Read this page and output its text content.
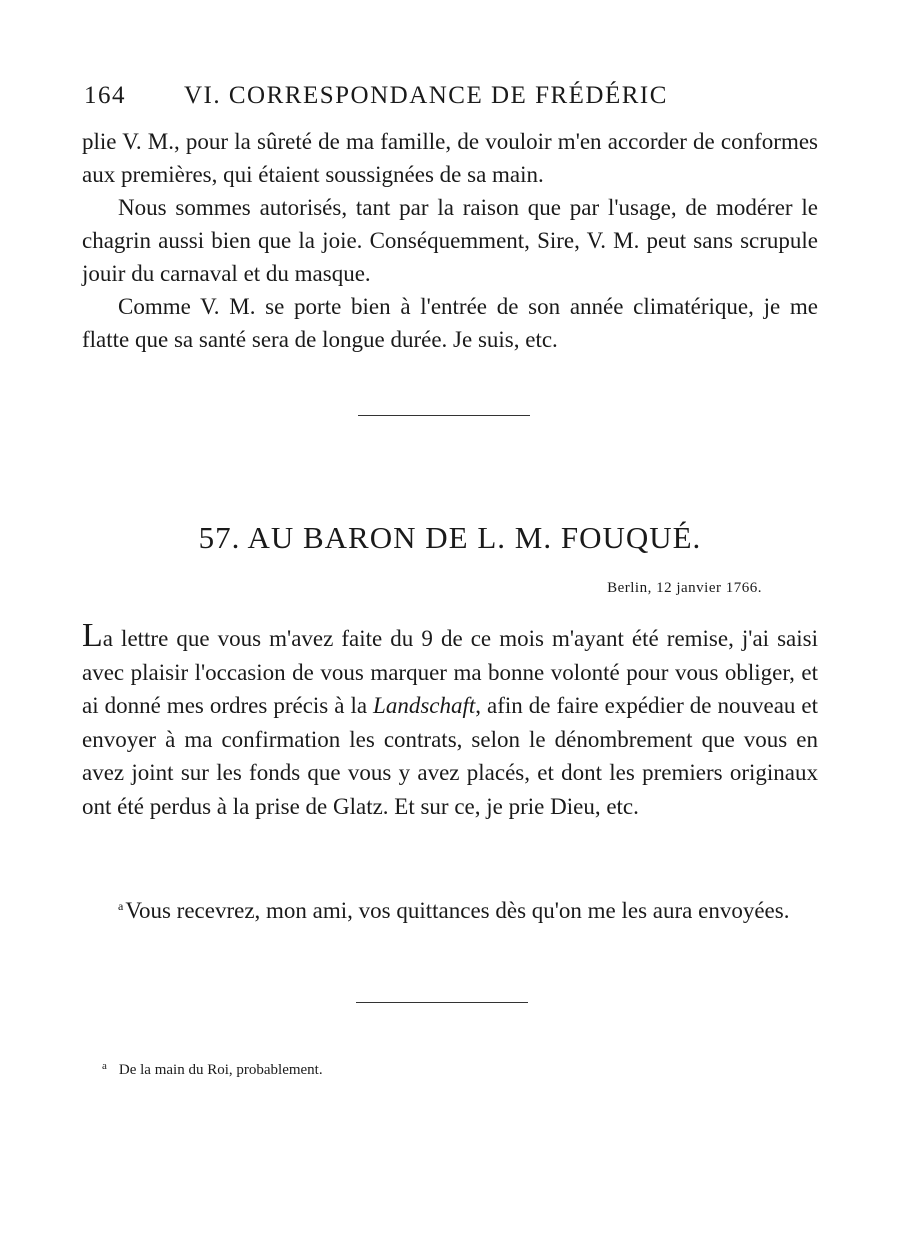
164 VI. CORRESPONDANCE DE FRÉDÉRIC

plie V. M., pour la sûreté de ma famille, de vouloir m'en accorder de conformes aux premières, qui étaient soussignées de sa main.

Nous sommes autorisés, tant par la raison que par l'usage, de modérer le chagrin aussi bien que la joie. Conséquemment, Sire, V. M. peut sans scrupule jouir du carnaval et du masque.

Comme V. M. se porte bien à l'entrée de son année climatérique, je me flatte que sa santé sera de longue durée. Je suis, etc.

57. AU BARON DE L. M. FOUQUÉ.
Berlin, 12 janvier 1766.

La lettre que vous m'avez faite du 9 de ce mois m'ayant été remise, j'ai saisi avec plaisir l'occasion de vous marquer ma bonne volonté pour vous obliger, et ai donné mes ordres précis à la Landschaft, afin de faire expédier de nouveau et envoyer à ma confirmation les contrats, selon le dénombrement que vous en avez joint sur les fonds que vous y avez placés, et dont les premiers originaux ont été perdus à la prise de Glatz. Et sur ce, je prie Dieu, etc.

$^a$Vous recevrez, mon ami, vos quittances dès qu'on me les aura envoyées.

$^a$ De la main du Roi, probablement.
